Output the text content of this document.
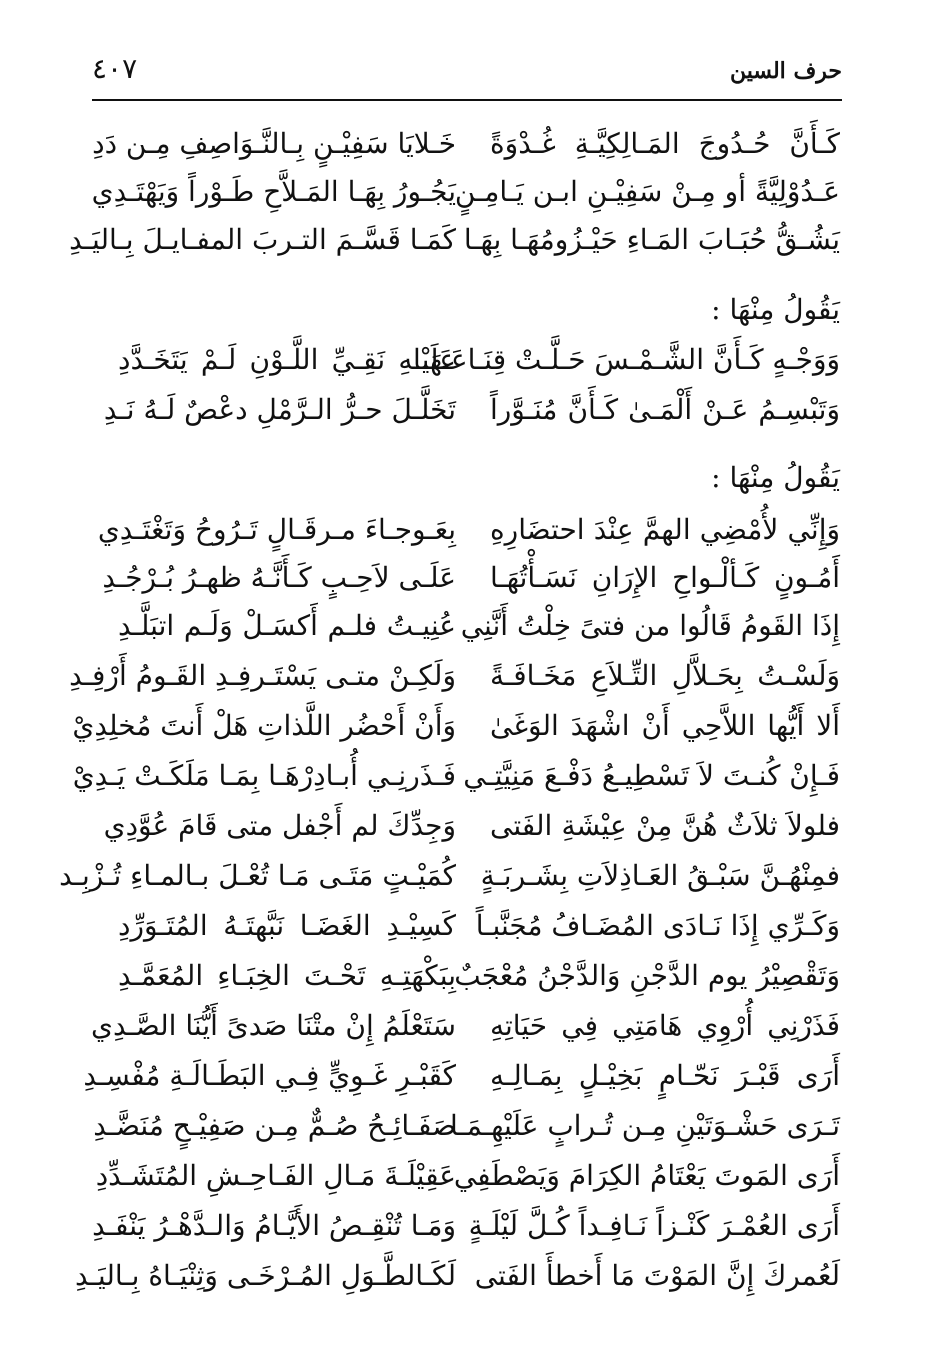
حرف السين
٤٠٧
كَـأَنَّ حُـدُوجَ المَـالِكِيَّـةِ غُـدْوَةً
خَـلايَا سَفِيْـنٍ بِـالنَّـوَاصِفِ مِـن دَدِ
عَـدُوْلِيَّةً أو مِـنْ سَفِيْـنِ ابـن يَـامِـنٍ
يَجُـورُ بِهَـا المَـلاَّحِ طَـوْراً وَيَهْتَـدِي
يَشُـقُّ حُبَـابَ المَـاءِ حَيْـزُومُهَـا بِهَـا
كَمَـا قَسَّـمَ التـربَ المفـايـلَ بِـاليَـدِ
يَقُولُ مِنْهَا :
وَوَجْـهٍ كَـأَنَّ الشَّـمْـسَ حَـلَّـتْ قِنَـاعَـهَـا
عَلَيْـهِ نَقِـيِّ اللَّـوْنِ لَـمْ يَتَخَـدَّدِ
وَتَبْسِـمُ عَـنْ أَلْمَـىٰ كَـأَنَّ مُنَـوَّراً
تَخَلَّـلَ حـرُّ الـرَّمْلِ دعْصٌ لَـهُ نَـدِ
يَقُولُ مِنْهَا :
وَإِنِّي لأُمْضِي الهمَّ عِنْدَ احتضَارِهِ
بِعَـوجـاءَ مـرقَـالٍ تَـرُوحُ وَتَغْتَـدِي
أَمُـونٍ كَـألْـواحِ الإِرَانِ نَسَـأْتُهَـا
عَلَـى لاَحِـبٍ كَـأَنَّـهُ ظهـرُ بُـرْجُـدِ
إِذَا القَومُ قَالُوا من فتىً خِلْتُ أَنَّنِي
عُنِيـتُ فلـم أَكسَـلْ وَلَـم اتبَلَّـدِ
وَلَسْـتُ بِحَـلاَّلِ التِّـلاَعِ مَخَـافَـةً
وَلَكِـنْ متـى يَسْتَـرفِـدِ القَـومُ أَرْفِـدِ
أَلا أَيُّها اللاَّحِي أَنْ اشْهَدَ الوَغَىٰ
وَأَنْ أَحْضُر اللَّذاتِ هَلْ أَنتَ مُخلِدِيْ
فَـإِنْ كُنـتَ لاَ تَسْطِيـعُ دَفْـعَ مَنِيَّتِـي
فَـذَرنِـي أُبـادِرْهَـا بِمَـا مَلَكَـتْ يَـدِيْ
فلولاَ ثلاَثٌ هُنَّ مِنْ عِيْشَةِ الفَتى
وَجِدِّكَ لم أَجْفل متى قَامَ عُوَّدِي
فمِنْهُـنَّ سَبْـقُ العَـاذِلاَتِ بِشَـربَـةٍ
كُمَيْـتٍ مَتَـى مَـا تُعْـلَ بـالمـاءِ تُـزْبِـد
وَكَـرِّي إِذَا نَـادَى المُضَـافُ مُجَنَّبـاً
كَسِيْـدِ الغَضَـا نَبَّهتَـهُ المُتَـوَرِّدِ
وَتَقْصِيْرُ يوم الدَّجْنِ وَالدَّجْنُ مُعْجَبٌ
بِبَكْهَتِـهِ تَحْـتَ الخِبَـاءِ المُعَمَّـدِ
فَذَرْنِي أُرْوِي هَامَتِي فِي حَيَاتِهِ
سَتَعْلَمُ إِنْ متْنَا صَدىً أَيُّنَا الصَّـدِي
أَرَى قَبْـرَ نَحّـامٍ بَخِيْـلٍ بِمَـالِـهِ
كَقَبْـرِ غَـوِيٍّ فِـي البَطَـالَـةِ مُفْسِـدِ
تَـرَى حَشْـوَتَيْنِ مِـن تُـرابٍ عَلَيْهِـمَـا
صَفَـائِـحُ صُـمٌّ مِـن صَفِيْـحٍ مُنَضَّـدِ
أَرَى المَوتَ يَعْتَامُ الكِرَامَ وَيَصْطَفِي
عَقِيْلَـةَ مَـالِ الفَـاحِـشِ المُتَشَـدِّدِ
أَرَى العُمْـرَ كَنْـزاً نَـافِـداً كُـلَّ لَيْلَـةٍ
وَمَـا تُنْقِـصُ الأَيَّـامُ وَالـدَّهْـرُ يَنْفَـدِ
لَعُمركَ إِنَّ المَوْتَ مَا أَخطأَ الفَتى
لَكَـالطَّـوَلِ المُـرْخَـى وَثِنْيَـاهُ بِـاليَـدِ
